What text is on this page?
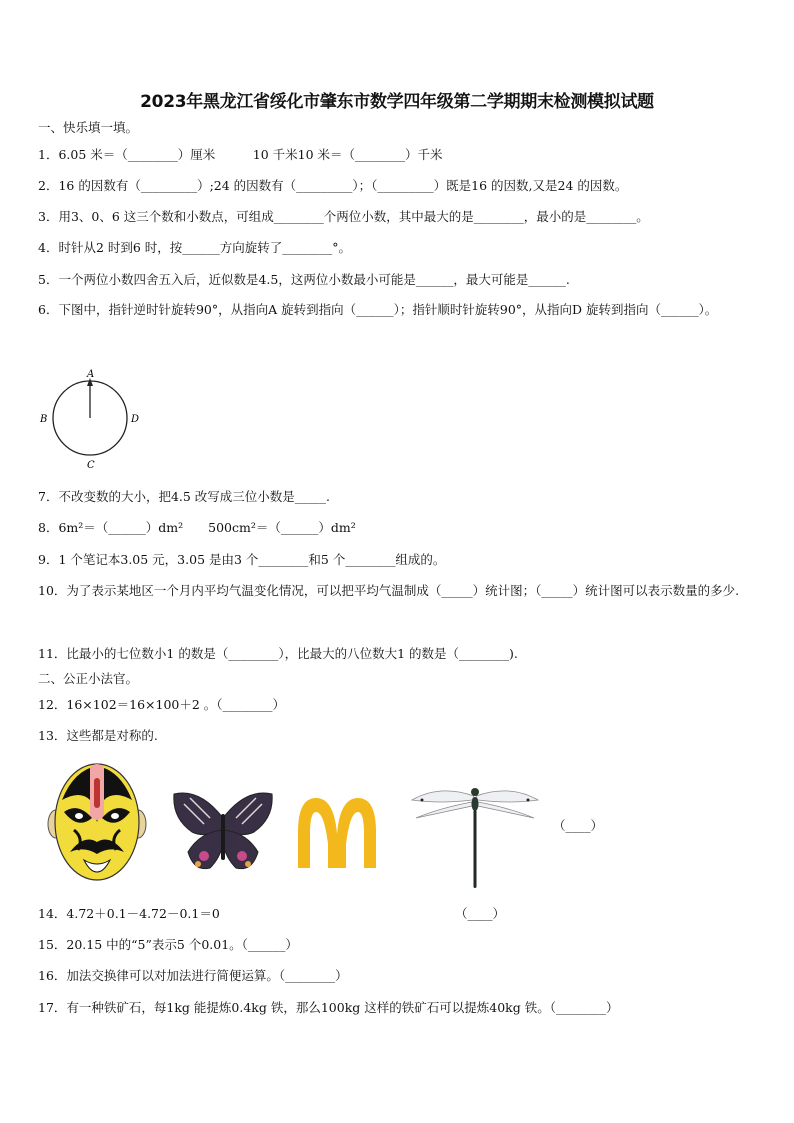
2023年黑龙江省绥化市肇东市数学四年级第二学期期末检测模拟试题
一、快乐填一填。
1．6.05 米＝（________）厘米　　　10 千米10 米＝（________）千米
2．16 的因数有（_________）;24 的因数有（_________）；（_________）既是16 的因数,又是24 的因数。
3．用3、0、6 这三个数和小数点，可组成________个两位小数，其中最大的是________，最小的是________。
4．时针从2 时到6 时，按______方向旋转了________°。
5．一个两位小数四舍五入后，近似数是4.5，这两位小数最小可能是______，最大可能是______.
6．下图中，指针逆时针旋转90°，从指向A 旋转到指向（______）；指针顺时针旋转90°，从指向D 旋转到指向（______）。
A
B
C
D
7．不改变数的大小，把4.5 改写成三位小数是_____.
8．6m²＝（______）dm²　　500cm²＝（______）dm²
9．1 个笔记本3.05 元，3.05 是由3 个________和5 个________组成的。
10．为了表示某地区一个月内平均气温变化情况，可以把平均气温制成（_____）统计图；（_____）统计图可以表示数量的多少.
11．比最小的七位数小1 的数是（________），比最大的八位数大1 的数是（________).
二、公正小法官。
12．16×102＝16×100＋2 。（________）
13．这些都是对称的.
（____）
14．4.72＋0.1－4.72－0.1＝0	（____）
15．20.15 中的“5”表示5 个0.01。（______）
16．加法交换律可以对加法进行简便运算。（________）
17．有一种铁矿石，每1kg 能提炼0.4kg 铁，那么100kg 这样的铁矿石可以提炼40kg 铁。（________）
